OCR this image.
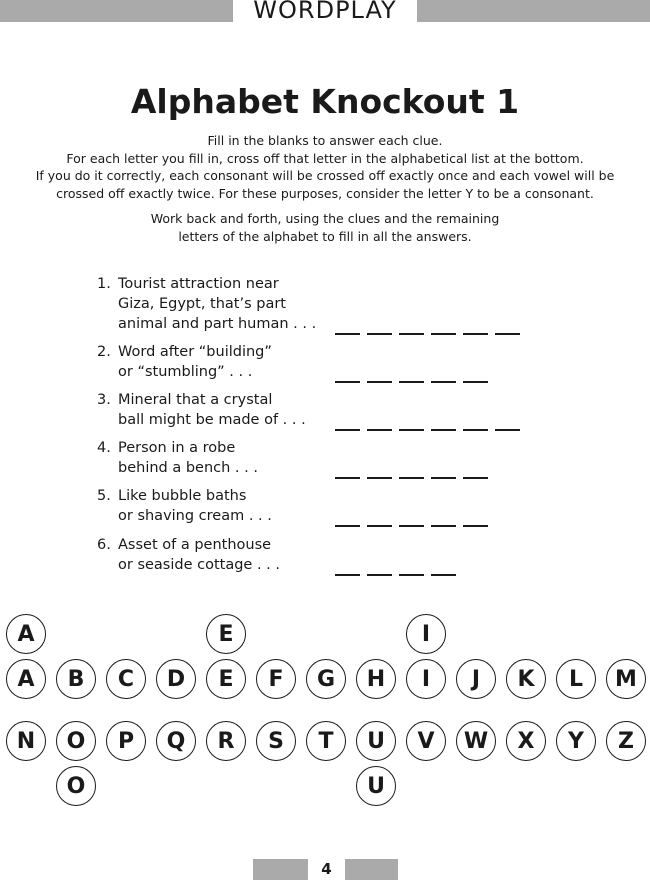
WORDPLAY
Alphabet Knockout 1
Fill in the blanks to answer each clue.
For each letter you fill in, cross off that letter in the alphabetical list at the bottom.
If you do it correctly, each consonant will be crossed off exactly once and each vowel will be
crossed off exactly twice. For these purposes, consider the letter Y to be a consonant.
Work back and forth, using the clues and the remaining
letters of the alphabet to fill in all the answers.
1. Tourist attraction near
Giza, Egypt, that’s part
animal and part human . . .
2. Word after “building”
or “stumbling” . . .
3. Mineral that a crystal
ball might be made of . . .
4. Person in a robe
behind a bench . . .
5. Like bubble baths
or shaving cream . . .
6. Asset of a penthouse
or seaside cottage . . .
A	B	C	D	E	F	G	H	I	J	K	L	M
N	O	P	Q	R	S	T	U	V	W	X	Y	Z
A	E	I
O	U
4
